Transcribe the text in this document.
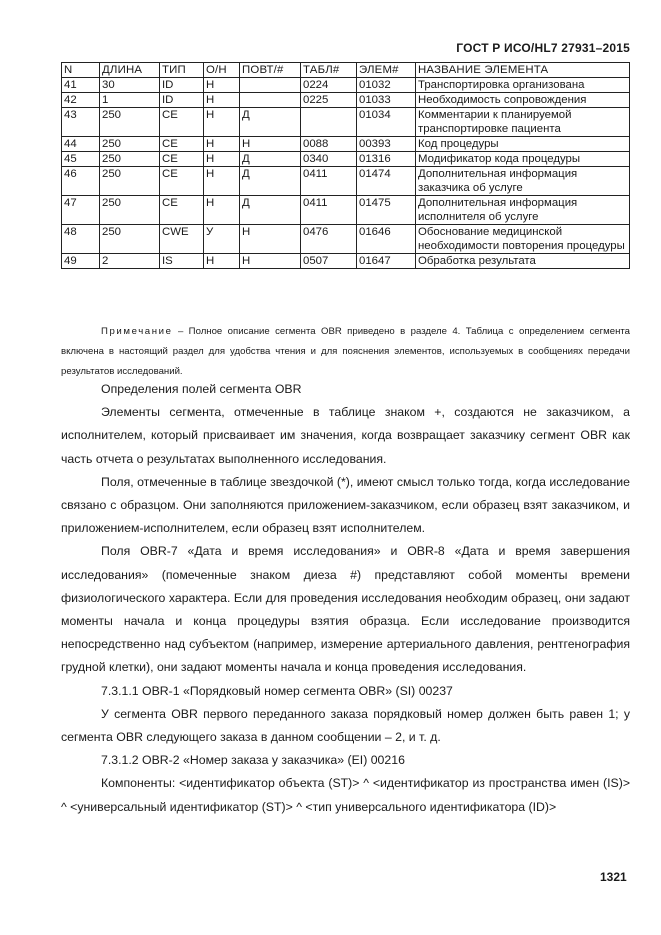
ГОСТ Р ИСО/HL7 27931–2015
N	ДЛИНА	ТИП	О/Н	ПОВТ/#	ТАБЛ#	ЭЛЕМ#	НАЗВАНИЕ ЭЛЕМЕНТА
41	30	ID	Н		0224	01032	Транспортировка организована
42	1	ID	Н		0225	01033	Необходимость сопровождения
43	250	CE	Н	Д		01034	Комментарии к планируемой транспортировке пациента
44	250	CE	Н	Н	0088	00393	Код процедуры
45	250	CE	Н	Д	0340	01316	Модификатор кода процедуры
46	250	CE	Н	Д	0411	01474	Дополнительная информация заказчика об услуге
47	250	CE	Н	Д	0411	01475	Дополнительная информация исполнителя об услуге
48	250	CWE	У	Н	0476	01646	Обоснование медицинской необходимости повторения процедуры
49	2	IS	Н	Н	0507	01647	Обработка результата
Примечание – Полное описание сегмента OBR приведено в разделе 4. Таблица с определением сегмента включена в настоящий раздел для удобства чтения и для пояснения элементов, используемых в сообщениях передачи результатов исследований.

Определения полей сегмента OBR

Элементы сегмента, отмеченные в таблице знаком +, создаются не заказчиком, а исполнителем, который присваивает им значения, когда возвращает заказчику сегмент OBR как часть отчета о результатах выполненного исследования.

Поля, отмеченные в таблице звездочкой (*), имеют смысл только тогда, когда исследование связано с образцом. Они заполняются приложением-заказчиком, если образец взят заказчиком, и приложением-исполнителем, если образец взят исполнителем.

Поля OBR-7 «Дата и время исследования» и OBR-8 «Дата и время завершения исследования» (помеченные знаком диеза #) представляют собой моменты времени физиологического характера. Если для проведения исследования необходим образец, они задают моменты начала и конца процедуры взятия образца. Если исследование производится непосредственно над субъектом (например, измерение артериального давления, рентгенография грудной клетки), они задают моменты начала и конца проведения исследования.

7.3.1.1 OBR-1 «Порядковый номер сегмента OBR» (SI) 00237

У сегмента OBR первого переданного заказа порядковый номер должен быть равен 1; у сегмента OBR следующего заказа в данном сообщении – 2, и т. д.

7.3.1.2 OBR-2 «Номер заказа у заказчика» (EI) 00216

Компоненты: <идентификатор объекта (ST)> ^ <идентификатор из пространства имен (IS)> ^ <универсальный идентификатор (ST)> ^ <тип универсального идентификатора (ID)>

1321
